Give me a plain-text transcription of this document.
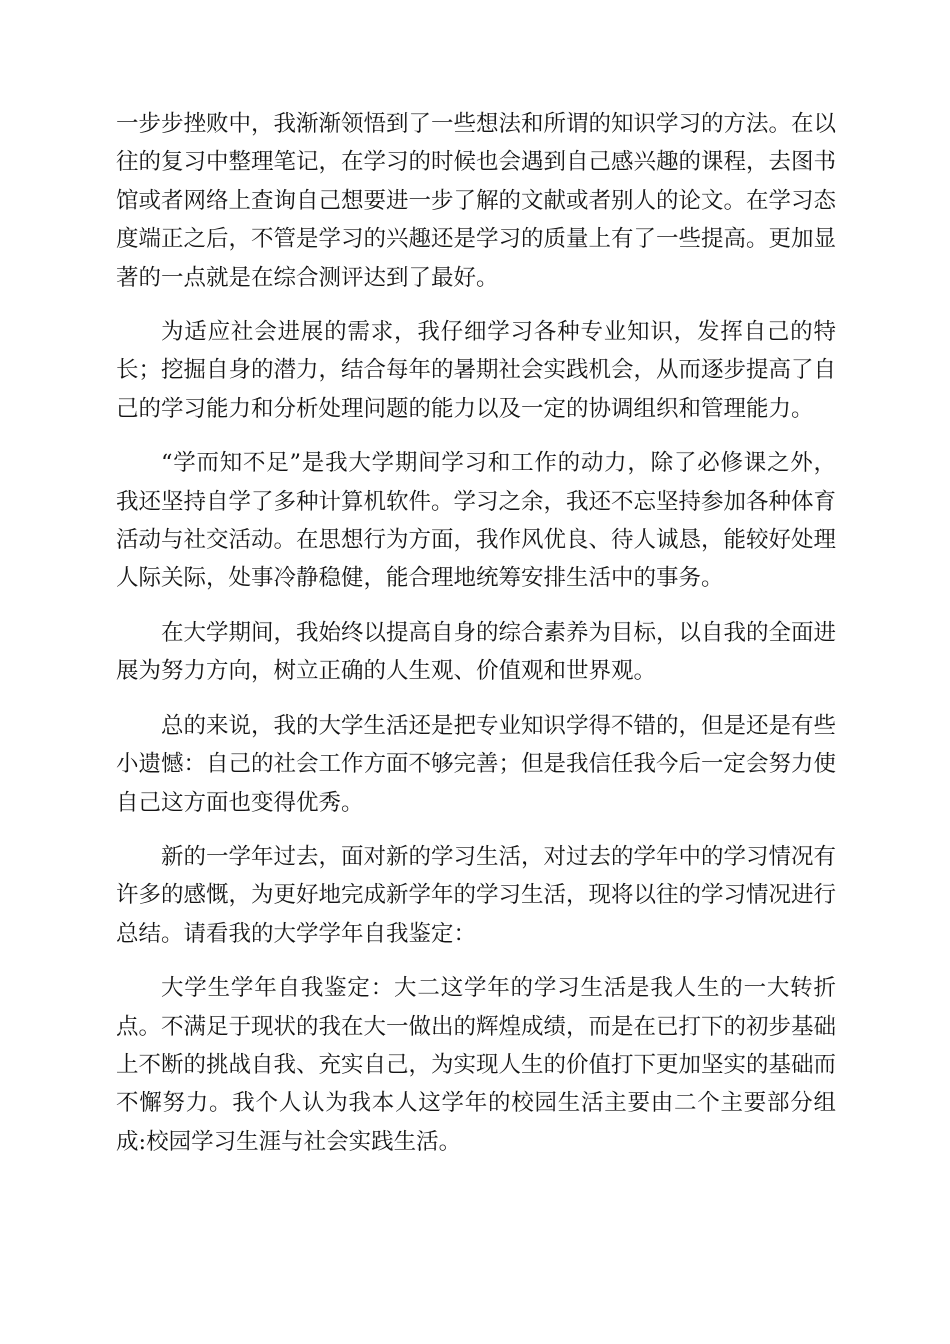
一步步挫败中，我渐渐领悟到了一些想法和所谓的知识学习的方法。在以往的复习中整理笔记，在学习的时候也会遇到自己感兴趣的课程，去图书馆或者网络上查询自己想要进一步了解的文献或者别人的论文。在学习态度端正之后，不管是学习的兴趣还是学习的质量上有了一些提高。更加显著的一点就是在综合测评达到了最好。

为适应社会进展的需求，我仔细学习各种专业知识，发挥自己的特长；挖掘自身的潜力，结合每年的暑期社会实践机会，从而逐步提高了自己的学习能力和分析处理问题的能力以及一定的协调组织和管理能力。

“学而知不足”是我大学期间学习和工作的动力，除了必修课之外，我还坚持自学了多种计算机软件。学习之余，我还不忘坚持参加各种体育活动与社交活动。在思想行为方面，我作风优良、待人诚恳，能较好处理人际关际，处事冷静稳健，能合理地统筹安排生活中的事务。

在大学期间，我始终以提高自身的综合素养为目标，以自我的全面进展为努力方向，树立正确的人生观、价值观和世界观。

总的来说，我的大学生活还是把专业知识学得不错的，但是还是有些小遗憾：自己的社会工作方面不够完善；但是我信任我今后一定会努力使自己这方面也变得优秀。

新的一学年过去，面对新的学习生活，对过去的学年中的学习情况有许多的感慨，为更好地完成新学年的学习生活，现将以往的学习情况进行总结。请看我的大学学年自我鉴定：

大学生学年自我鉴定：大二这学年的学习生活是我人生的一大转折点。不满足于现状的我在大一做出的辉煌成绩，而是在已打下的初步基础上不断的挑战自我、充实自己，为实现人生的价值打下更加坚实的基础而不懈努力。我个人认为我本人这学年的校园生活主要由二个主要部分组成:校园学习生涯与社会实践生活。
